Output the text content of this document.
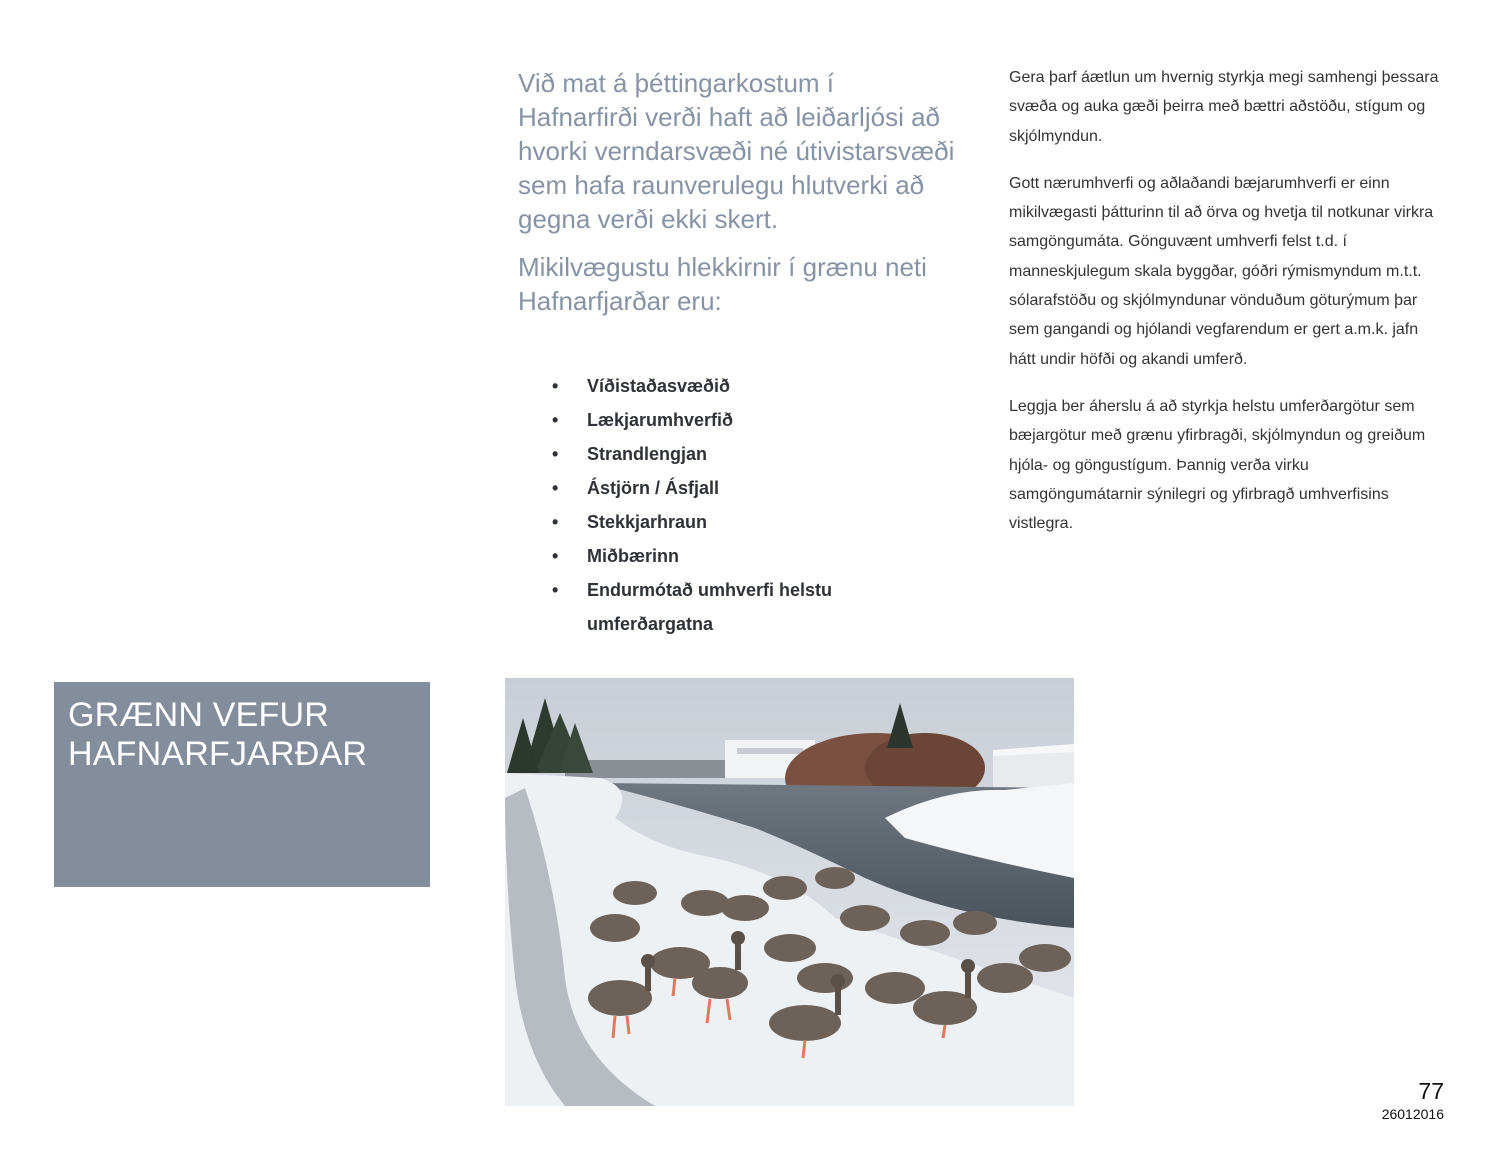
Við mat á þéttingarkostum í Hafnarfirði verði haft að leiðarljósi að hvorki verndarsvæði né útivistarsvæði sem hafa raunverulegu hlutverki að gegna verði ekki skert.

Mikilvægustu hlekkirnir í grænu neti Hafnarfjarðar eru:

• Víðistaðasvæðið
• Lækjarumhverfið
• Strandlengjan
• Ástjörn / Ásfjall
• Stekkjarhraun
• Miðbærinn
• Endurmótað umhverfi helstu umferðargatna

Gera þarf áætlun um hvernig styrkja megi samhengi þessara svæða og auka gæði þeirra með bættri aðstöðu, stígum og skjólmyndun.

Gott nærumhverfi og aðlaðandi bæjarumhverfi er einn mikilvægasti þátturinn til að örva og hvetja til notkunar virkra samgöngumáta. Gönguvænt umhverfi felst t.d. í manneskjulegum skala byggðar, góðri rýmismyndum m.t.t. sólarafstöðu og skjólmyndunar vönduðum göturýmum þar sem gangandi og hjólandi vegfarendum er gert a.m.k. jafn hátt undir höfði og akandi umferð.

Leggja ber áherslu á að styrkja helstu umferðargötur sem bæjargötur með grænu yfirbragði, skjólmyndun og greiðum hjóla- og göngustígum. Þannig verða virku samgöngumátarnir sýnilegri og yfirbragð umhverfisins vistlegra.

GRÆNN VEFUR
HAFNARFJARÐAR
77
26012016
